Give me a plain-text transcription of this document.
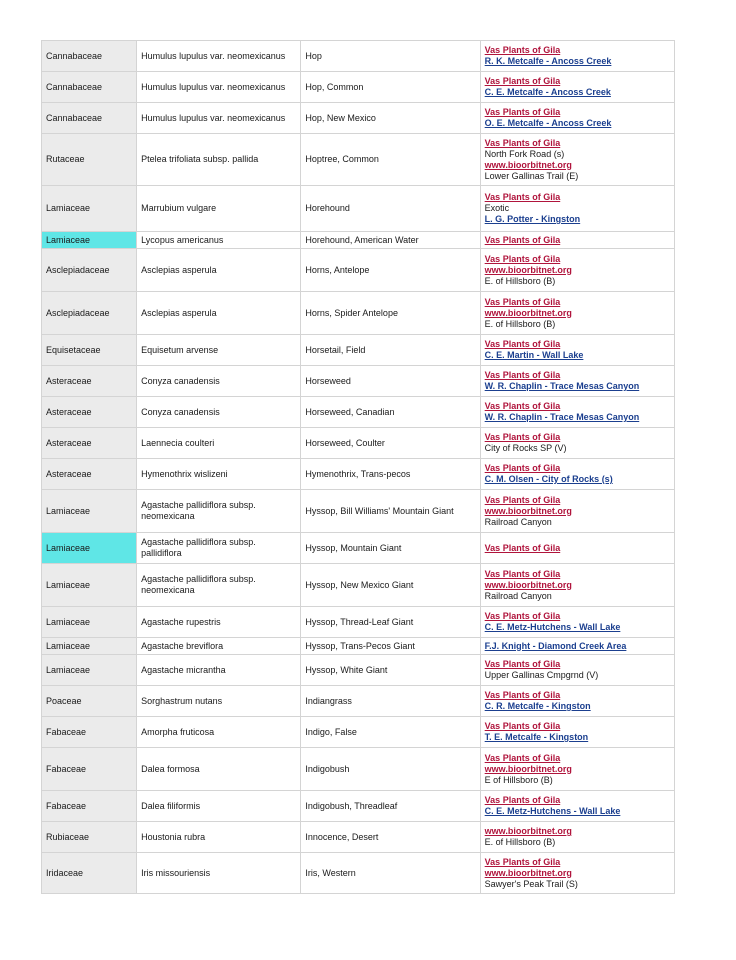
Cannabaceae	Humulus lupulus var. neomexicanus	Hop	Vas Plants of Gila
R. K. Metcalfe - Ancoss Creek

Cannabaceae	Humulus lupulus var. neomexicanus	Hop, Common	Vas Plants of Gila
C. E. Metcalfe - Ancoss Creek

Cannabaceae	Humulus lupulus var. neomexicanus	Hop, New Mexico	Vas Plants of Gila
O. E. Metcalfe - Ancoss Creek

Rutaceae	Ptelea trifoliata subsp. pallida	Hoptree, Common	Vas Plants of Gila
North Fork Road (s)
www.bioorbitnet.org
Lower Gallinas Trail (E)

Lamiaceae	Marrubium vulgare	Horehound	Vas Plants of Gila
Exotic
L. G. Potter - Kingston

Lamiaceae	Lycopus americanus	Horehound, American Water	Vas Plants of Gila

Asclepiadaceae	Asclepias asperula	Horns, Antelope	Vas Plants of Gila
www.bioorbitnet.org
E. of Hillsboro (B)

Asclepiadaceae	Asclepias asperula	Horns, Spider Antelope	Vas Plants of Gila
www.bioorbitnet.org
E. of Hillsboro (B)

Equisetaceae	Equisetum arvense	Horsetail, Field	Vas Plants of Gila
C. E. Martin - Wall Lake

Asteraceae	Conyza canadensis	Horseweed	Vas Plants of Gila
W. R. Chaplin - Trace Mesas Canyon

Asteraceae	Conyza canadensis	Horseweed, Canadian	Vas Plants of Gila
W. R. Chaplin - Trace Mesas Canyon

Asteraceae	Laennecia coulteri	Horseweed, Coulter	Vas Plants of Gila
City of Rocks SP (V)

Asteraceae	Hymenothrix wislizeni	Hymenothrix, Trans-pecos	Vas Plants of Gila
C. M. Olsen - City of Rocks (s)

Lamiaceae	Agastache pallidiflora subsp. neomexicana	Hyssop, Bill Williams' Mountain Giant	Vas Plants of Gila
www.bioorbitnet.org
Railroad Canyon

Lamiaceae	Agastache pallidiflora subsp. pallidiflora	Hyssop, Mountain Giant	Vas Plants of Gila

Lamiaceae	Agastache pallidiflora subsp. neomexicana	Hyssop, New Mexico Giant	Vas Plants of Gila
www.bioorbitnet.org
Railroad Canyon

Lamiaceae	Agastache rupestris	Hyssop, Thread-Leaf Giant	Vas Plants of Gila
C. E. Metz-Hutchens - Wall Lake

Lamiaceae	Agastache breviflora	Hyssop, Trans-Pecos Giant	F.J. Knight - Diamond Creek Area

Lamiaceae	Agastache micrantha	Hyssop, White Giant	Vas Plants of Gila
Upper Gallinas Cmpgrnd (V)

Poaceae	Sorghastrum nutans	Indiangrass	Vas Plants of Gila
C. R. Metcalfe - Kingston

Fabaceae	Amorpha fruticosa	Indigo, False	Vas Plants of Gila
T. E. Metcalfe - Kingston

Fabaceae	Dalea formosa	Indigobush	Vas Plants of Gila
www.bioorbitnet.org
E of Hillsboro (B)

Fabaceae	Dalea filiformis	Indigobush, Threadleaf	Vas Plants of Gila
C. E. Metz-Hutchens - Wall Lake

Rubiaceae	Houstonia rubra	Innocence, Desert	www.bioorbitnet.org
E. of Hillsboro (B)

Iridaceae	Iris missouriensis	Iris, Western	Vas Plants of Gila
www.bioorbitnet.org
Sawyer's Peak Trail (S)
